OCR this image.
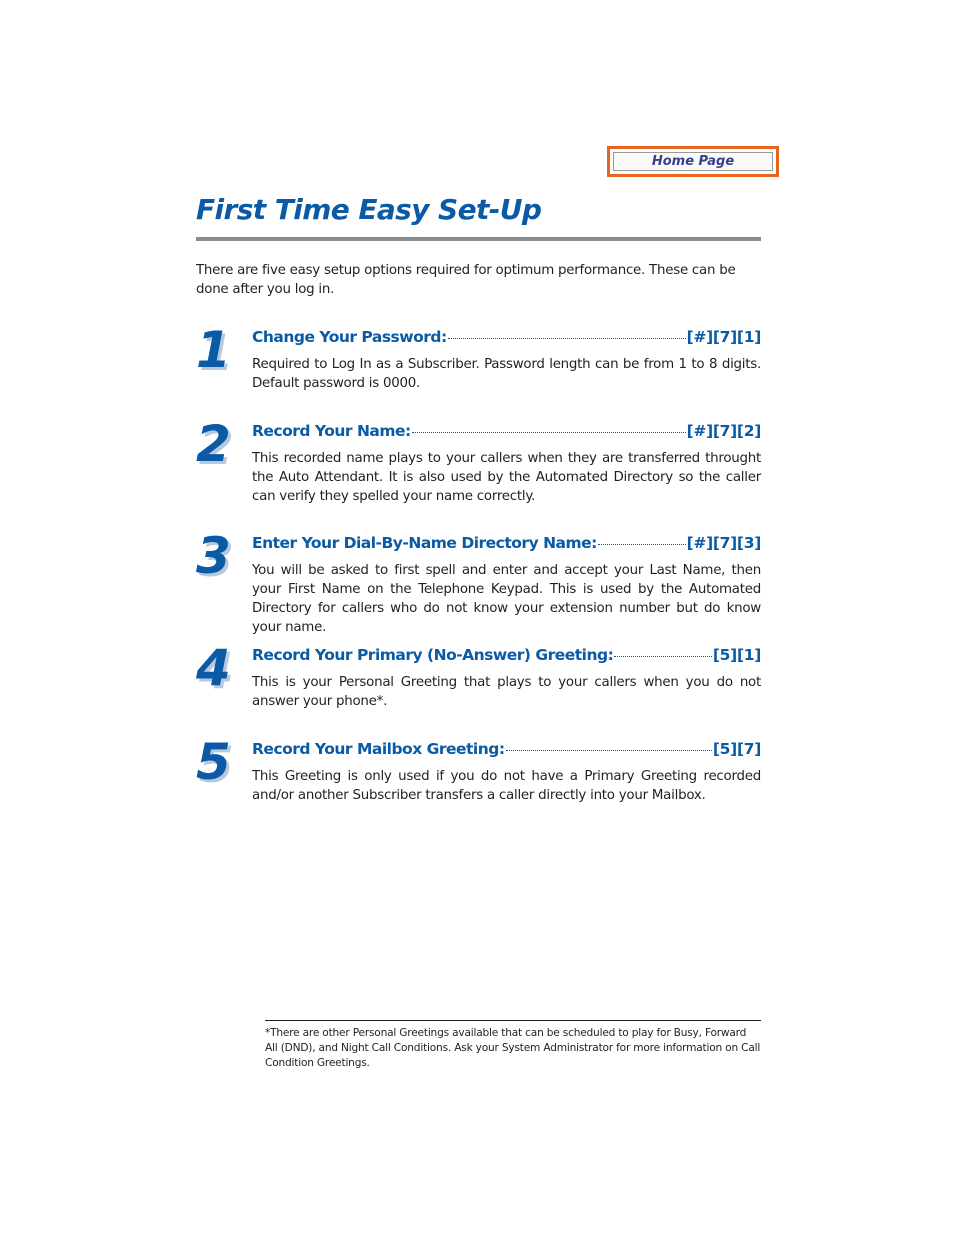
Home Page
First Time Easy Set-Up

There are five easy setup options required for optimum performance. These can be done after you log in.

1	Change Your Password:	[#][7][1]

Required to Log In as a Subscriber. Password length can be from 1 to 8 digits. Default password is 0000.

2	Record Your Name:	[#][7][2]

This recorded name plays to your callers when they are transferred throught the Auto Attendant. It is also used by the Automated Directory so the caller can verify they spelled your name correctly.

3	Enter Your Dial-By-Name Directory Name:	[#][7][3]

You will be asked to first spell and enter and accept your Last Name, then your First Name on the Telephone Keypad. This is used by the Automated Directory for callers who do not know your extension number but do know your name.

4	Record Your Primary (No-Answer) Greeting:	[5][1]

This is your Personal Greeting that plays to your callers when you do not answer your phone*.

5	Record Your Mailbox Greeting:	[5][7]

This Greeting is only used if you do not have a Primary Greeting recorded and/or another Subscriber transfers a caller directly into your Mailbox.

*There are other Personal Greetings available that can be scheduled to play for Busy, Forward All (DND), and Night Call Conditions. Ask your System Administrator for more information on Call Condition Greetings.
